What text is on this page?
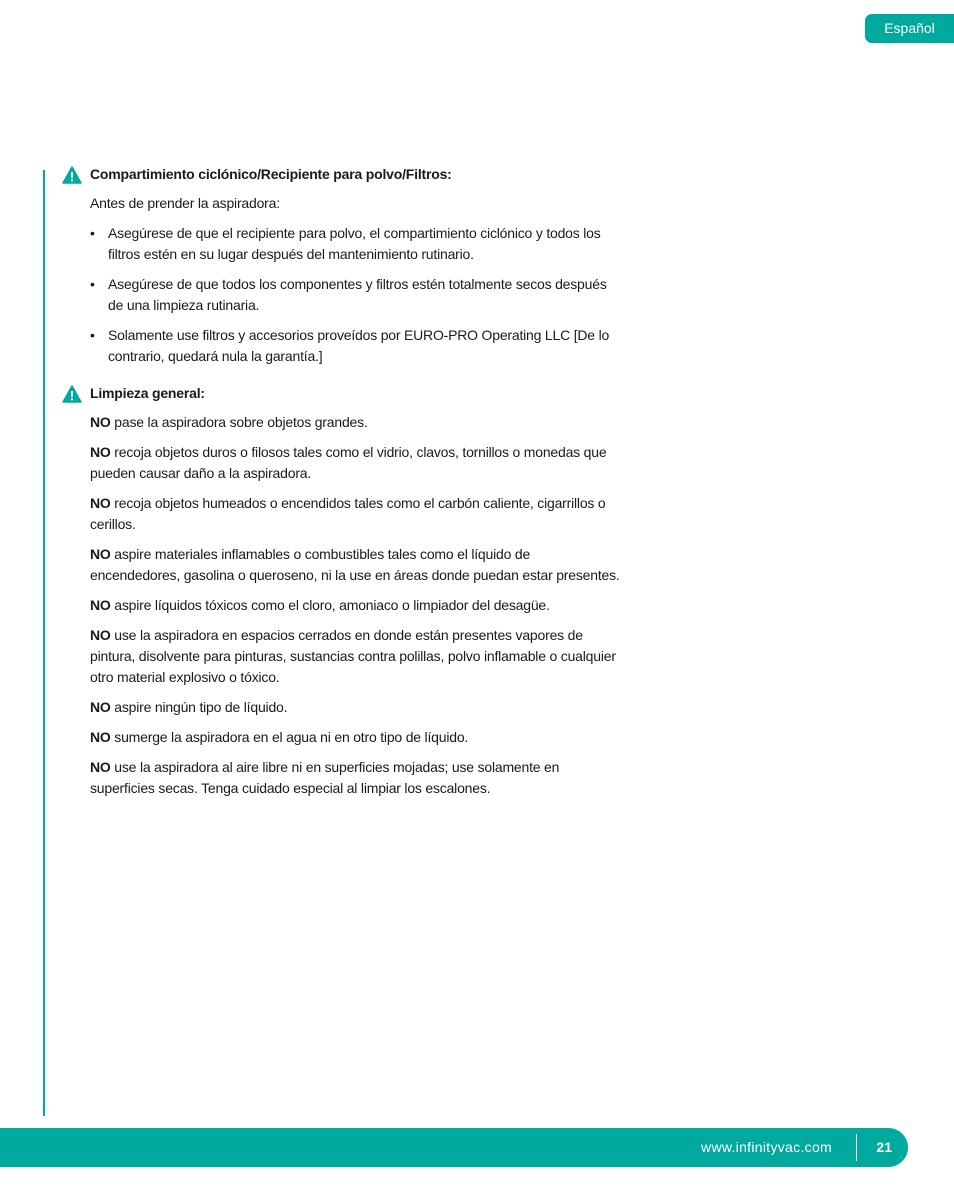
Español
Compartimiento ciclónico/Recipiente para polvo/Filtros:
Antes de prender la aspiradora:
• Asegúrese de que el recipiente para polvo, el compartimiento ciclónico y todos los filtros estén en su lugar después del mantenimiento rutinario.
• Asegúrese de que todos los componentes y filtros estén totalmente secos después de una limpieza rutinaria.
• Solamente use filtros y accesorios proveídos por EURO-PRO Operating LLC [De lo contrario, quedará nula la garantía.]
Limpieza general:
NO pase la aspiradora sobre objetos grandes.
NO recoja objetos duros o filosos tales como el vidrio, clavos, tornillos o monedas que pueden causar daño a la aspiradora.
NO recoja objetos humeados o encendidos tales como el carbón caliente, cigarrillos o cerillos.
NO aspire materiales inflamables o combustibles tales como el líquido de encendedores, gasolina o queroseno, ni la use en áreas donde puedan estar presentes.
NO aspire líquidos tóxicos como el cloro, amoniaco o limpiador del desagüe.
NO use la aspiradora en espacios cerrados en donde están presentes vapores de pintura, disolvente para pinturas, sustancias contra polillas, polvo inflamable o cualquier otro material explosivo o tóxico.
NO aspire ningún tipo de líquido.
NO sumerge la aspiradora en el agua ni en otro tipo de líquido.
NO use la aspiradora al aire libre ni en superficies mojadas; use solamente en superficies secas. Tenga cuidado especial al limpiar los escalones.
www.infinityvac.com	21
